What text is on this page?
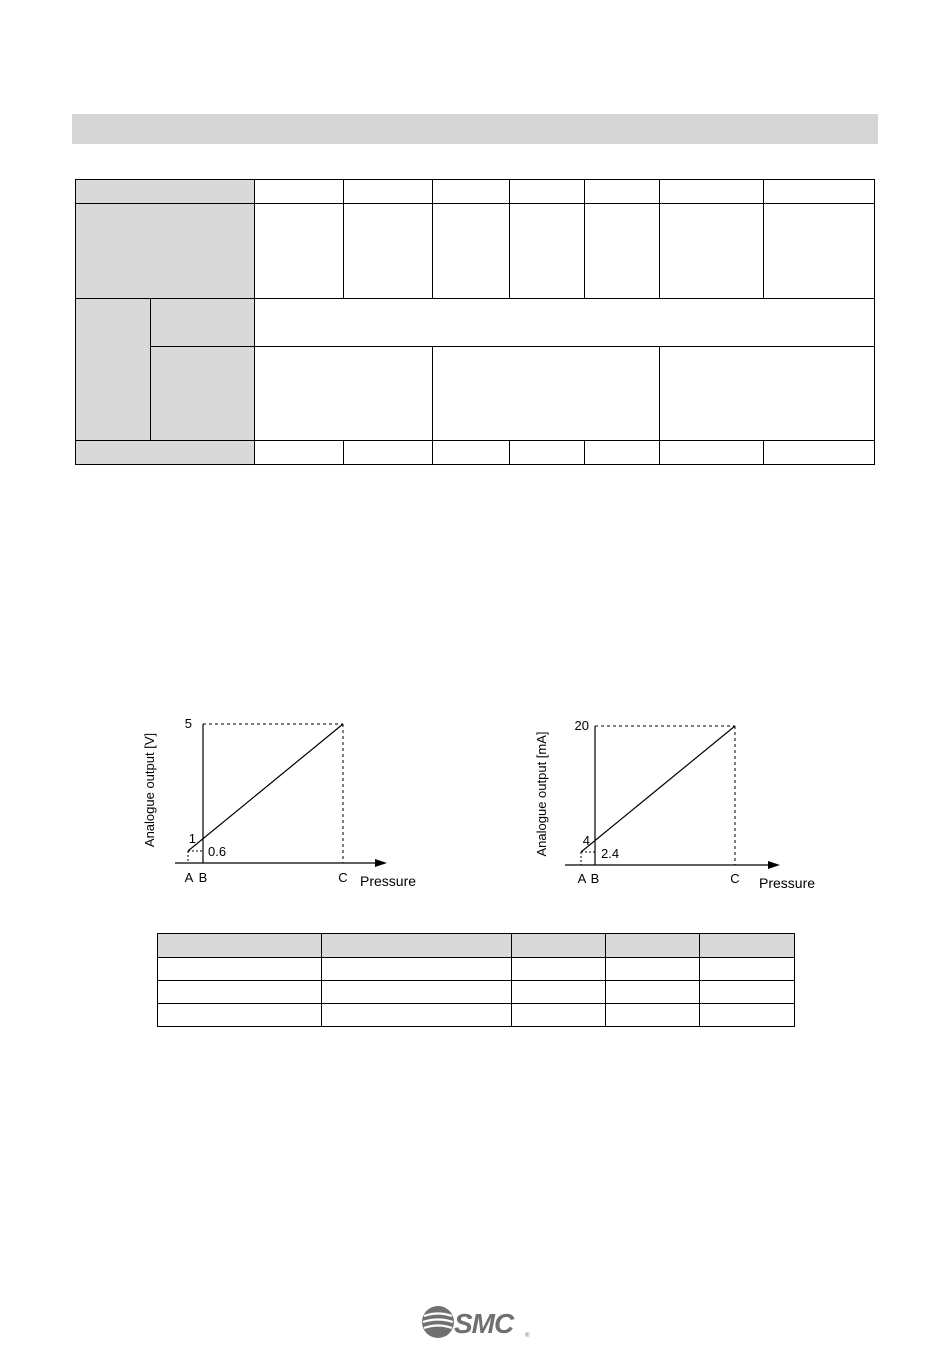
5
1
0.6
A B	C Pressure
Analogue output [V]
20
4
2.4
A B	C Pressure
Analogue output [mA]

SMC ®
